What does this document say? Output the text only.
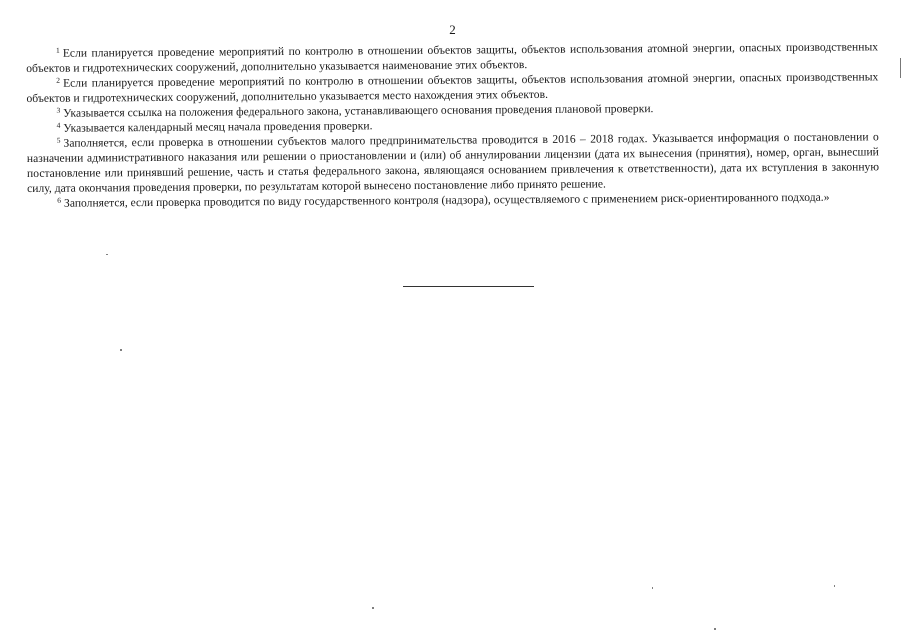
2

$^1$ Если планируется проведение мероприятий по контролю в отношении объектов защиты, объектов использования атомной энергии, опасных производственных объектов и гидротехнических сооружений, дополнительно указывается наименование этих объектов.

$^2$ Если планируется проведение мероприятий по контролю в отношении объектов защиты, объектов использования атомной энергии, опасных производственных объектов и гидротехнических сооружений, дополнительно указывается место нахождения этих объектов.

$^3$ Указывается ссылка на положения федерального закона, устанавливающего основания проведения плановой проверки.

$^4$ Указывается календарный месяц начала проведения проверки.

$^5$ Заполняется, если проверка в отношении субъектов малого предпринимательства проводится в 2016 – 2018 годах. Указывается информация о постановлении о назначении административного наказания или решении о приостановлении и (или) об аннулировании лицензии (дата их вынесения (принятия), номер, орган, вынесший постановление или принявший решение, часть и статья федерального закона, являющаяся основанием привлечения к ответственности), дата их вступления в законную силу, дата окончания проведения проверки, по результатам которой вынесено постановление либо принято решение.

$^6$ Заполняется, если проверка проводится по виду государственного контроля (надзора), осуществляемого с применением риск-ориентированного подхода.»
